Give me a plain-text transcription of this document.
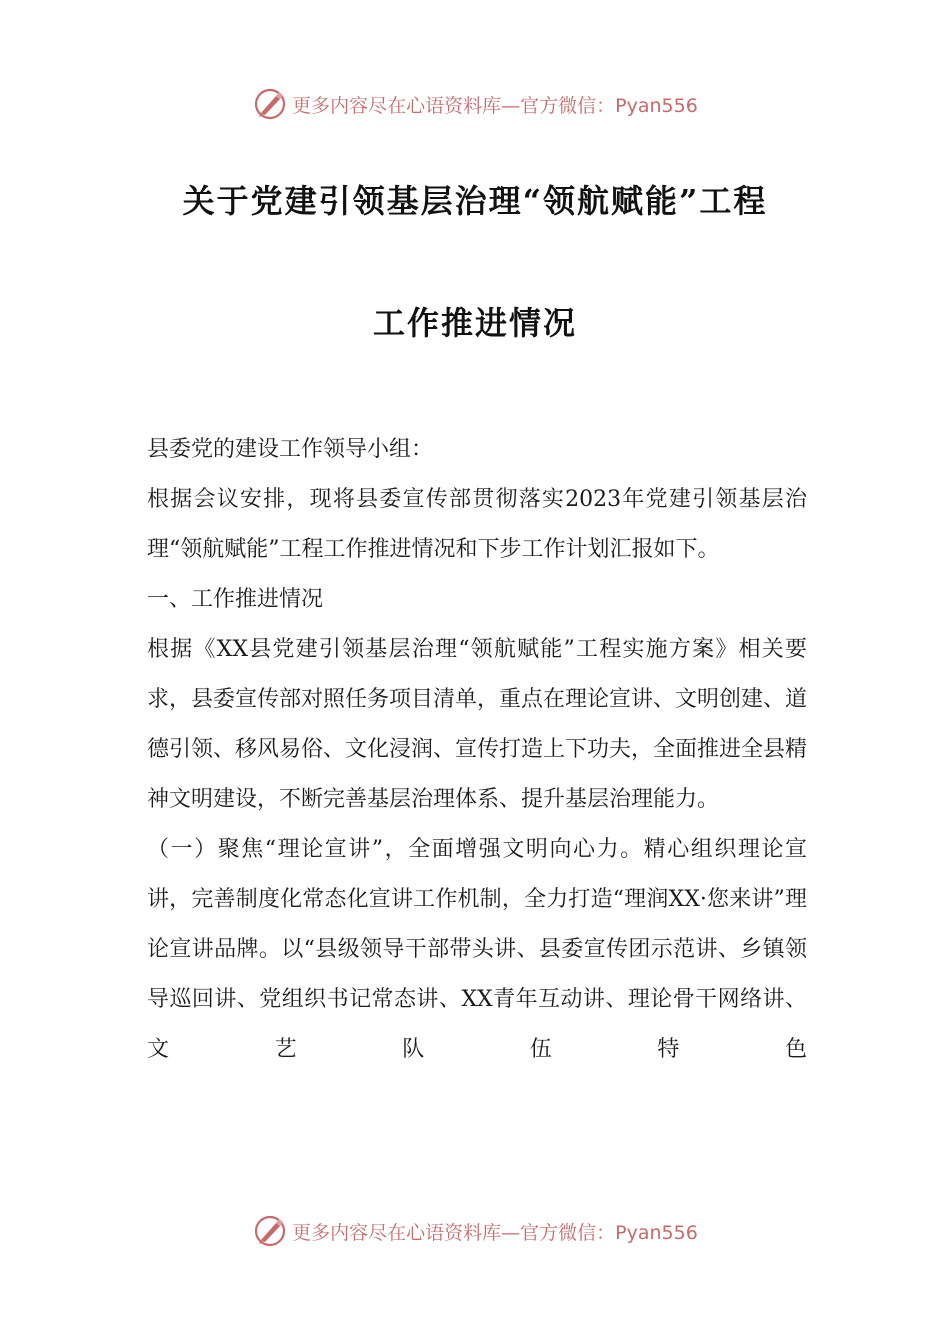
更多内容尽在心语资料库—官方微信：Pyan556
关于党建引领基层治理“领航赋能”工程
工作推进情况

县委党的建设工作领导小组：

根据会议安排，现将县委宣传部贯彻落实2023年党建引领基层治理“领航赋能”工程工作推进情况和下步工作计划汇报如下。

一、工作推进情况

根据《XX县党建引领基层治理“领航赋能”工程实施方案》相关要求，县委宣传部对照任务项目清单，重点在理论宣讲、文明创建、道德引领、移风易俗、文化浸润、宣传打造上下功夫，全面推进全县精神文明建设，不断完善基层治理体系、提升基层治理能力。

（一）聚焦“理论宣讲”，全面增强文明向心力。精心组织理论宣讲，完善制度化常态化宣讲工作机制，全力打造“理润XX·您来讲”理论宣讲品牌。以“县级领导干部带头讲、县委宣传团示范讲、乡镇领导巡回讲、党组织书记常态讲、XX青年互动讲、理论骨干网络讲、文艺队伍特色

更多内容尽在心语资料库—官方微信：Pyan556
